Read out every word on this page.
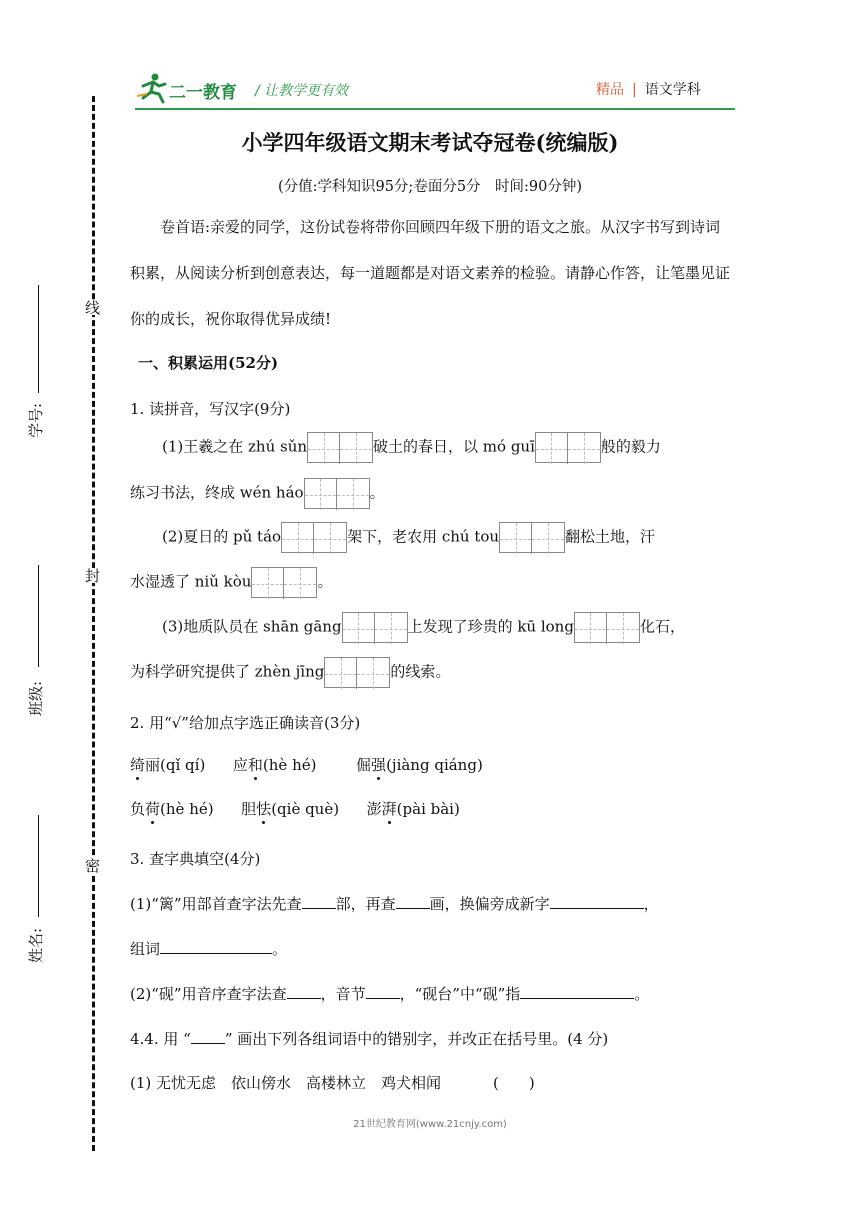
二一教育 / 让教学更有效	精品 | 语文学科
线
封
密
学号:
班级:
姓名:
小学四年级语文期末考试夺冠卷(统编版)
(分值:学科知识95分;卷面分5分　时间:90分钟)
卷首语:亲爱的同学，这份试卷将带你回顾四年级下册的语文之旅。从汉字书写到诗词积累，从阅读分析到创意表达，每一道题都是对语文素养的检验。请静心作答，让笔墨见证你的成长，祝你取得优异成绩!
一、积累运用(52分)
1. 读拼音，写汉字(9分)
(1)王羲之在 zhú sǔn	破土的春日，以 mó guī	般的毅力
练习书法，终成 wén háo	。
(2)夏日的 pǔ táo	架下，老农用 chú tou	翻松土地，汗
水湿透了 niǔ kòu	。
(3)地质队员在 shān gāng	上发现了珍贵的 kū long	化石，
为科学研究提供了 zhèn jīng	的线索。
2. 用“√”给加点字选正确读音(3分)
绮丽(qǐ qí) 应和(hè hé)	倔强(jiàng qiáng)
负荷(hè hé) 胆怯(qiè què) 澎湃(pài bài)
3. 查字典填空(4分)
(1)“篱”用部首查字法先查 部，再查 画，换偏旁成新字	，
组词	。
(2)“砚”用音序查字法查 ，音节 ，“砚台”中“砚”指	。
4.4. 用 “ ” 画出下列各组词语中的错别字，并改正在括号里。(4 分)
(1) 无忧无虑　依山傍水　高楼林立　鸡犬相闻	(　　)
21世纪教育网(www.21cnjy.com)
